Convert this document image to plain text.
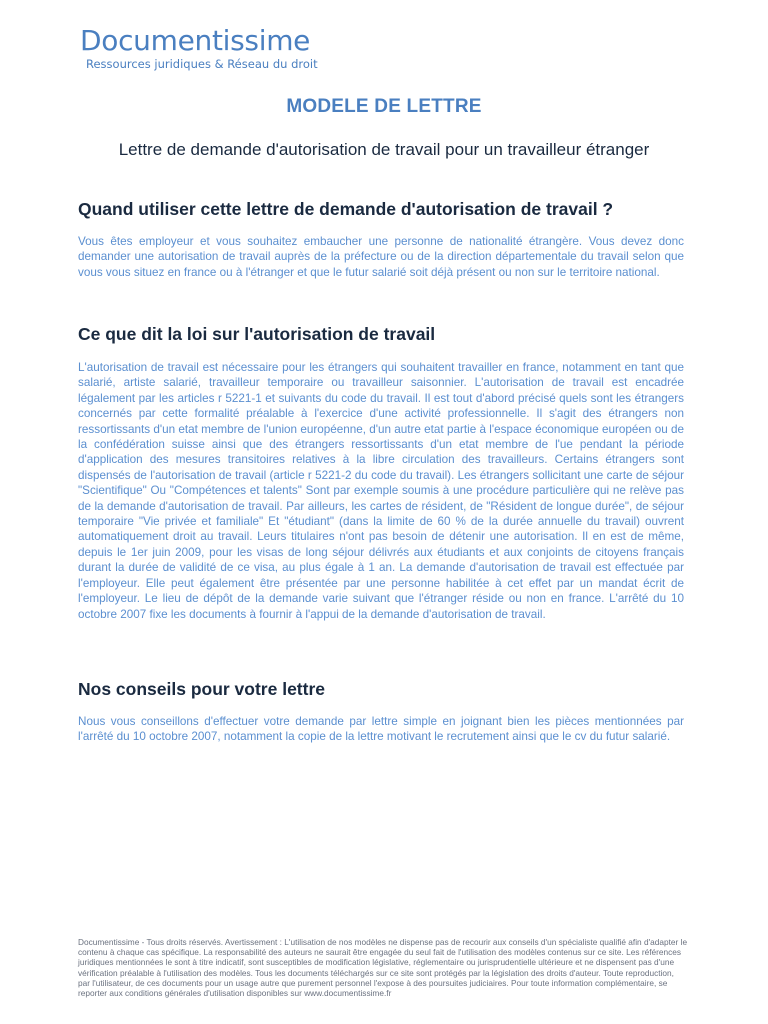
Documentissime
Ressources juridiques & Réseau du droit
MODELE DE LETTRE
Lettre de demande d'autorisation de travail pour un travailleur étranger
Quand utiliser cette lettre de demande d'autorisation de travail ?

Vous êtes employeur et vous souhaitez embaucher une personne de nationalité étrangère. Vous devez donc demander une autorisation de travail auprès de la préfecture ou de la direction départementale du travail selon que vous vous situez en france ou à l'étranger et que le futur salarié soit déjà présent ou non sur le territoire national.

Ce que dit la loi sur l'autorisation de travail

L'autorisation de travail est nécessaire pour les étrangers qui souhaitent travailler en france, notamment en tant que salarié, artiste salarié, travailleur temporaire ou travailleur saisonnier. L'autorisation de travail est encadrée légalement par les articles r 5221-1 et suivants du code du travail. Il est tout d'abord précisé quels sont les étrangers concernés par cette formalité préalable à l'exercice d'une activité professionnelle. Il s'agit des étrangers non ressortissants d'un etat membre de l'union européenne, d'un autre etat partie à l'espace économique européen ou de la confédération suisse ainsi que des étrangers ressortissants d'un etat membre de l'ue pendant la période d'application des mesures transitoires relatives à la libre circulation des travailleurs. Certains étrangers sont dispensés de l'autorisation de travail (article r 5221-2 du code du travail). Les étrangers sollicitant une carte de séjour "Scientifique" Ou "Compétences et talents" Sont par exemple soumis à une procédure particulière qui ne relève pas de la demande d'autorisation de travail. Par ailleurs, les cartes de résident, de "Résident de longue durée", de séjour temporaire "Vie privée et familiale" Et "étudiant" (dans la limite de 60 % de la durée annuelle du travail) ouvrent automatiquement droit au travail. Leurs titulaires n'ont pas besoin de détenir une autorisation. Il en est de même, depuis le 1er juin 2009, pour les visas de long séjour délivrés aux étudiants et aux conjoints de citoyens français durant la durée de validité de ce visa, au plus égale à 1 an. La demande d'autorisation de travail est effectuée par l'employeur. Elle peut également être présentée par une personne habilitée à cet effet par un mandat écrit de l'employeur. Le lieu de dépôt de la demande varie suivant que l'étranger réside ou non en france. L'arrêté du 10 octobre 2007 fixe les documents à fournir à l'appui de la demande d'autorisation de travail.

Nos conseils pour votre lettre

Nous vous conseillons d'effectuer votre demande par lettre simple en joignant bien les pièces mentionnées par l'arrêté du 10 octobre 2007, notamment la copie de la lettre motivant le recrutement ainsi que le cv du futur salarié.

Documentissime - Tous droits réservés. Avertissement : L'utilisation de nos modèles ne dispense pas de recourir aux conseils d'un spécialiste qualifié afin d'adapter le contenu à chaque cas spécifique. La responsabilité des auteurs ne saurait être engagée du seul fait de l'utilisation des modèles contenus sur ce site. Les références juridiques mentionnées le sont à titre indicatif, sont susceptibles de modification législative, réglementaire ou jurisprudentielle ultérieure et ne dispensent pas d'une vérification préalable à l'utilisation des modèles. Tous les documents téléchargés sur ce site sont protégés par la législation des droits d'auteur. Toute reproduction, par l'utilisateur, de ces documents pour un usage autre que purement personnel l'expose à des poursuites judiciaires. Pour toute information complémentaire, se reporter aux conditions générales d'utilisation disponibles sur www.documentissime.fr
